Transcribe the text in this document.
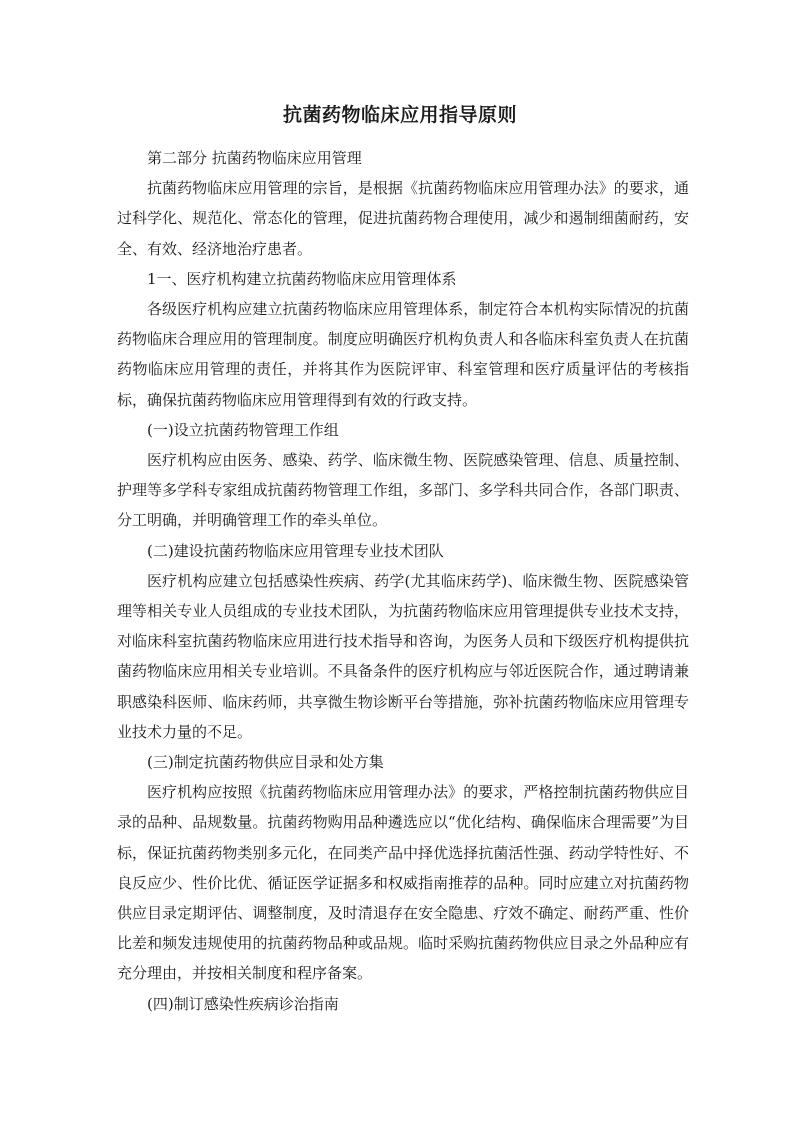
抗菌药物临床应用指导原则

第二部分 抗菌药物临床应用管理

抗菌药物临床应用管理的宗旨，是根据《抗菌药物临床应用管理办法》的要求，通过科学化、规范化、常态化的管理，促进抗菌药物合理使用，减少和遏制细菌耐药，安全、有效、经济地治疗患者。

1一、医疗机构建立抗菌药物临床应用管理体系

各级医疗机构应建立抗菌药物临床应用管理体系，制定符合本机构实际情况的抗菌药物临床合理应用的管理制度。制度应明确医疗机构负责人和各临床科室负责人在抗菌药物临床应用管理的责任，并将其作为医院评审、科室管理和医疗质量评估的考核指标，确保抗菌药物临床应用管理得到有效的行政支持。

(一)设立抗菌药物管理工作组

医疗机构应由医务、感染、药学、临床微生物、医院感染管理、信息、质量控制、护理等多学科专家组成抗菌药物管理工作组，多部门、多学科共同合作，各部门职责、分工明确，并明确管理工作的牵头单位。

(二)建设抗菌药物临床应用管理专业技术团队

医疗机构应建立包括感染性疾病、药学(尤其临床药学)、临床微生物、医院感染管理等相关专业人员组成的专业技术团队，为抗菌药物临床应用管理提供专业技术支持，对临床科室抗菌药物临床应用进行技术指导和咨询，为医务人员和下级医疗机构提供抗菌药物临床应用相关专业培训。不具备条件的医疗机构应与邻近医院合作，通过聘请兼职感染科医师、临床药师，共享微生物诊断平台等措施，弥补抗菌药物临床应用管理专业技术力量的不足。

(三)制定抗菌药物供应目录和处方集

医疗机构应按照《抗菌药物临床应用管理办法》的要求，严格控制抗菌药物供应目录的品种、品规数量。抗菌药物购用品种遴选应以“优化结构、确保临床合理需要”为目标，保证抗菌药物类别多元化，在同类产品中择优选择抗菌活性强、药动学特性好、不良反应少、性价比优、循证医学证据多和权威指南推荐的品种。同时应建立对抗菌药物供应目录定期评估、调整制度，及时清退存在安全隐患、疗效不确定、耐药严重、性价比差和频发违规使用的抗菌药物品种或品规。临时采购抗菌药物供应目录之外品种应有充分理由，并按相关制度和程序备案。

(四)制订感染性疾病诊治指南
